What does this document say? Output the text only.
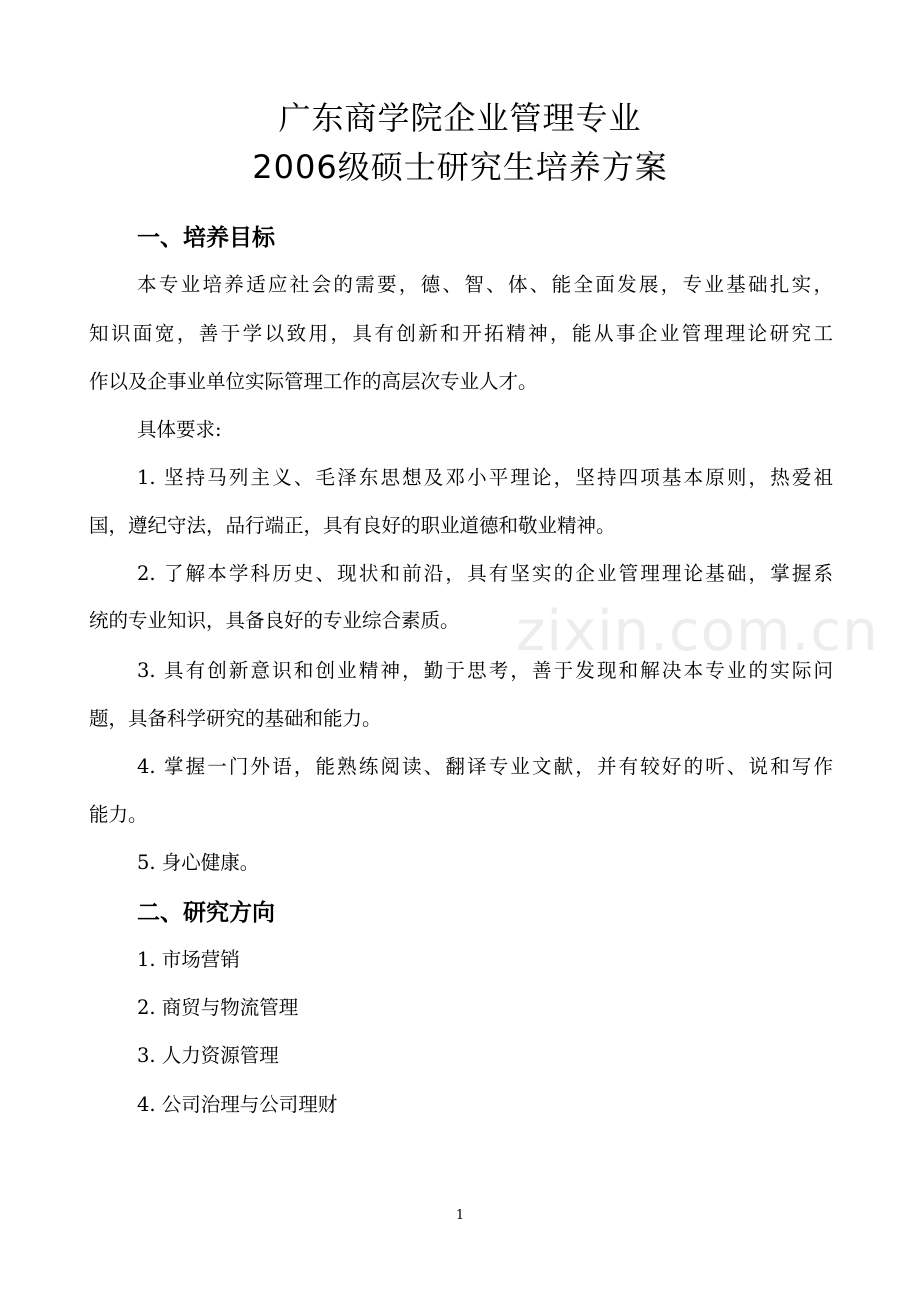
广东商学院企业管理专业
2006级硕士研究生培养方案
一、培养目标
本专业培养适应社会的需要，德、智、体、能全面发展，专业基础扎实，
知识面宽，善于学以致用，具有创新和开拓精神，能从事企业管理理论研究工
作以及企事业单位实际管理工作的高层次专业人才。
具体要求:
1. 坚持马列主义、毛泽东思想及邓小平理论，坚持四项基本原则，热爱祖
国，遵纪守法，品行端正，具有良好的职业道德和敬业精神。
2. 了解本学科历史、现状和前沿，具有坚实的企业管理理论基础，掌握系
统的专业知识，具备良好的专业综合素质。
3. 具有创新意识和创业精神，勤于思考，善于发现和解决本专业的实际问
题，具备科学研究的基础和能力。
4. 掌握一门外语，能熟练阅读、翻译专业文献，并有较好的听、说和写作
能力。
5. 身心健康。
二、研究方向
1. 市场营销
2. 商贸与物流管理
3. 人力资源管理
4. 公司治理与公司理财
zixin.com.cn
1
